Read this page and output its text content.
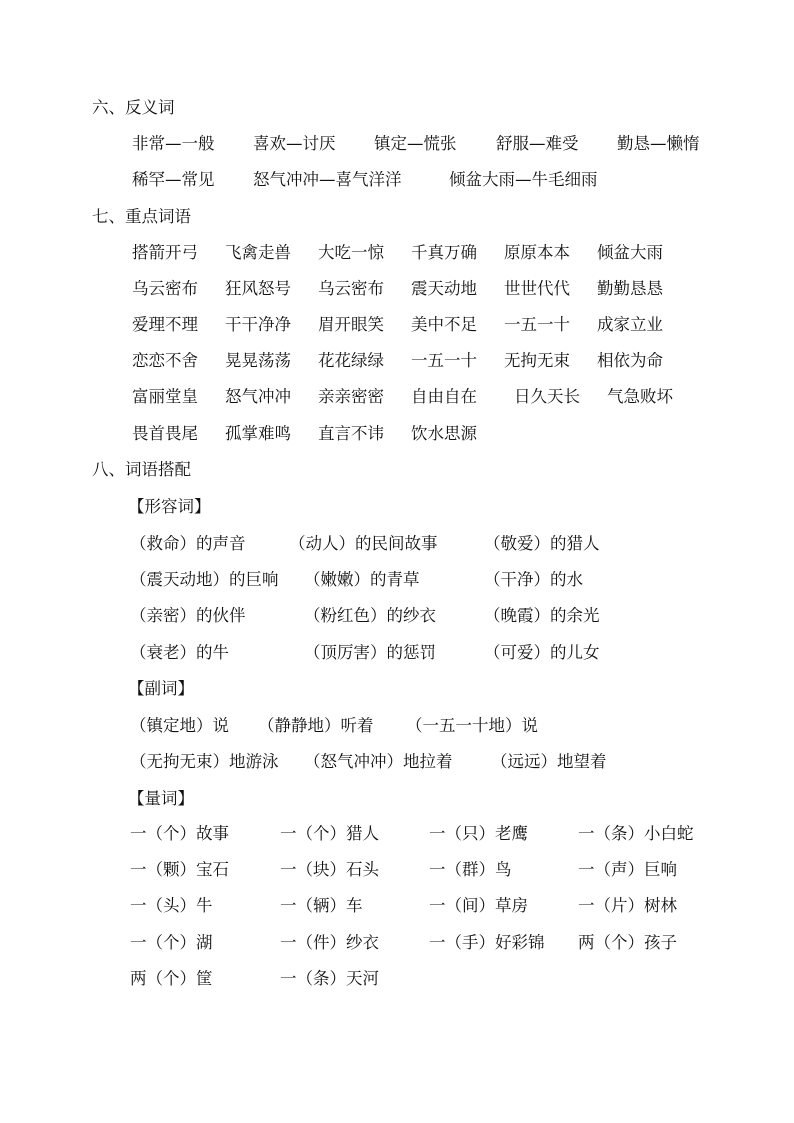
六、反义词
非常—一般 喜欢—讨厌 镇定—慌张 舒服—难受 勤恳—懒惰
稀罕—常见 怒气冲冲—喜气洋洋	倾盆大雨—牛毛细雨
七、重点词语
搭箭开弓 飞禽走兽 大吃一惊 千真万确 原原本本 倾盆大雨
乌云密布 狂风怒号 乌云密布 震天动地 世世代代 勤勤恳恳
爱理不理 干干净净 眉开眼笑 美中不足 一五一十 成家立业
恋恋不舍 晃晃荡荡 花花绿绿 一五一十 无拘无束 相依为命
富丽堂皇 怒气冲冲 亲亲密密 自由自在 日久天长 气急败坏
畏首畏尾 孤掌难鸣 直言不讳 饮水思源
八、词语搭配
【形容词】
（救命）的声音	（动人）的民间故事	（敬爱）的猎人
（震天动地）的巨响 （嫩嫩）的青草	（干净）的水
（亲密）的伙伴	（粉红色）的纱衣	（晚霞）的余光
（衰老）的牛	（顶厉害）的惩罚	（可爱）的儿女
【副词】
（镇定地）说 （静静地）听着 （一五一十地）说
（无拘无束）地游泳 （怒气冲冲）地拉着 （远远）地望着
【量词】
一（个）故事	一（个）猎人	一（只）老鹰	一（条）小白蛇
一（颗）宝石	一（块）石头	一（群）鸟	一（声）巨响
一（头）牛	一（辆）车	一（间）草房	一（片）树林
一（个）湖	一（件）纱衣	一（手）好彩锦 两（个）孩子
两（个）筐	一（条）天河
